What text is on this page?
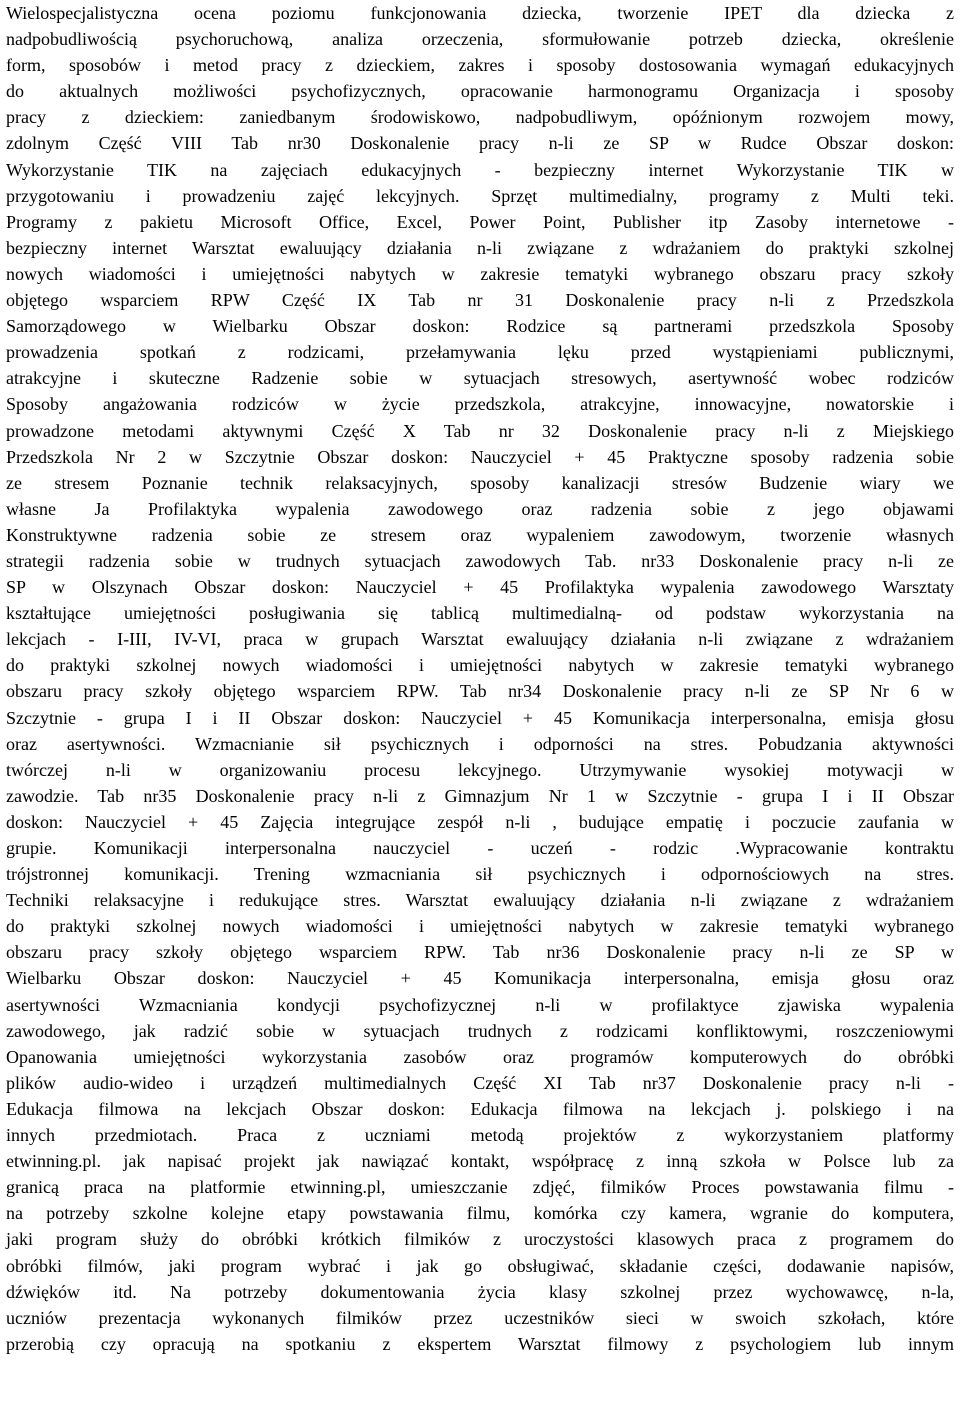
Wielospecjalistyczna ocena poziomu funkcjonowania dziecka, tworzenie IPET dla dziecka z
nadpobudliwością psychoruchową, analiza orzeczenia, sformułowanie potrzeb dziecka, określenie
form, sposobów i metod pracy z dzieckiem, zakres i sposoby dostosowania wymagań edukacyjnych
do aktualnych możliwości psychofizycznych, opracowanie harmonogramu Organizacja i sposoby
pracy z dzieckiem: zaniedbanym środowiskowo, nadpobudliwym, opóźnionym rozwojem mowy,
zdolnym Część VIII Tab nr30 Doskonalenie pracy n-li ze SP w Rudce Obszar doskon:
Wykorzystanie TIK na zajęciach edukacyjnych - bezpieczny internet Wykorzystanie TIK w
przygotowaniu i prowadzeniu zajęć lekcyjnych. Sprzęt multimedialny, programy z Multi teki.
Programy z pakietu Microsoft Office, Excel, Power Point, Publisher itp Zasoby internetowe -
bezpieczny internet Warsztat ewaluujący działania n-li związane z wdrażaniem do praktyki szkolnej
nowych wiadomości i umiejętności nabytych w zakresie tematyki wybranego obszaru pracy szkoły
objętego wsparciem RPW Część IX Tab nr 31 Doskonalenie pracy n-li z Przedszkola
Samorządowego w Wielbarku Obszar doskon: Rodzice są partnerami przedszkola Sposoby
prowadzenia spotkań z rodzicami, przełamywania lęku przed wystąpieniami publicznymi,
atrakcyjne i skuteczne Radzenie sobie w sytuacjach stresowych, asertywność wobec rodziców
Sposoby angażowania rodziców w życie przedszkola, atrakcyjne, innowacyjne, nowatorskie i
prowadzone metodami aktywnymi Część X Tab nr 32 Doskonalenie pracy n-li z Miejskiego
Przedszkola Nr 2 w Szczytnie Obszar doskon: Nauczyciel + 45 Praktyczne sposoby radzenia sobie
ze stresem Poznanie technik relaksacyjnych, sposoby kanalizacji stresów Budzenie wiary we
własne Ja Profilaktyka wypalenia zawodowego oraz radzenia sobie z jego objawami
Konstruktywne radzenia sobie ze stresem oraz wypaleniem zawodowym, tworzenie własnych
strategii radzenia sobie w trudnych sytuacjach zawodowych Tab. nr33 Doskonalenie pracy n-li ze
SP w Olszynach Obszar doskon: Nauczyciel + 45 Profilaktyka wypalenia zawodowego Warsztaty
kształtujące umiejętności posługiwania się tablicą multimedialną- od podstaw wykorzystania na
lekcjach - I-III, IV-VI, praca w grupach Warsztat ewaluujący działania n-li związane z wdrażaniem
do praktyki szkolnej nowych wiadomości i umiejętności nabytych w zakresie tematyki wybranego
obszaru pracy szkoły objętego wsparciem RPW. Tab nr34 Doskonalenie pracy n-li ze SP Nr 6 w
Szczytnie - grupa I i II Obszar doskon: Nauczyciel + 45 Komunikacja interpersonalna, emisja głosu
oraz asertywności. Wzmacnianie sił psychicznych i odporności na stres. Pobudzania aktywności
twórczej n-li w organizowaniu procesu lekcyjnego. Utrzymywanie wysokiej motywacji w
zawodzie. Tab nr35 Doskonalenie pracy n-li z Gimnazjum Nr 1 w Szczytnie - grupa I i II Obszar
doskon: Nauczyciel + 45 Zajęcia integrujące zespół n-li , budujące empatię i poczucie zaufania w
grupie. Komunikacji interpersonalna nauczyciel - uczeń - rodzic .Wypracowanie kontraktu
trójstronnej komunikacji. Trening wzmacniania sił psychicznych i odpornościowych na stres.
Techniki relaksacyjne i redukujące stres. Warsztat ewaluujący działania n-li związane z wdrażaniem
do praktyki szkolnej nowych wiadomości i umiejętności nabytych w zakresie tematyki wybranego
obszaru pracy szkoły objętego wsparciem RPW. Tab nr36 Doskonalenie pracy n-li ze SP w
Wielbarku Obszar doskon: Nauczyciel + 45 Komunikacja interpersonalna, emisja głosu oraz
asertywności Wzmacniania kondycji psychofizycznej n-li w profilaktyce zjawiska wypalenia
zawodowego, jak radzić sobie w sytuacjach trudnych z rodzicami konfliktowymi, roszczeniowymi
Opanowania umiejętności wykorzystania zasobów oraz programów komputerowych do obróbki
plików audio-wideo i urządzeń multimedialnych Część XI Tab nr37 Doskonalenie pracy n-li -
Edukacja filmowa na lekcjach Obszar doskon: Edukacja filmowa na lekcjach j. polskiego i na
innych przedmiotach. Praca z uczniami metodą projektów z wykorzystaniem platformy
etwinning.pl. jak napisać projekt jak nawiązać kontakt, współpracę z inną szkoła w Polsce lub za
granicą praca na platformie etwinning.pl, umieszczanie zdjęć, filmików Proces powstawania filmu -
na potrzeby szkolne kolejne etapy powstawania filmu, komórka czy kamera, wgranie do komputera,
jaki program służy do obróbki krótkich filmików z uroczystości klasowych praca z programem do
obróbki filmów, jaki program wybrać i jak go obsługiwać, składanie części, dodawanie napisów,
dźwięków itd. Na potrzeby dokumentowania życia klasy szkolnej przez wychowawcę, n-la,
uczniów prezentacja wykonanych filmików przez uczestników sieci w swoich szkołach, które
przerobią czy opracują na spotkaniu z ekspertem Warsztat filmowy z psychologiem lub innym
